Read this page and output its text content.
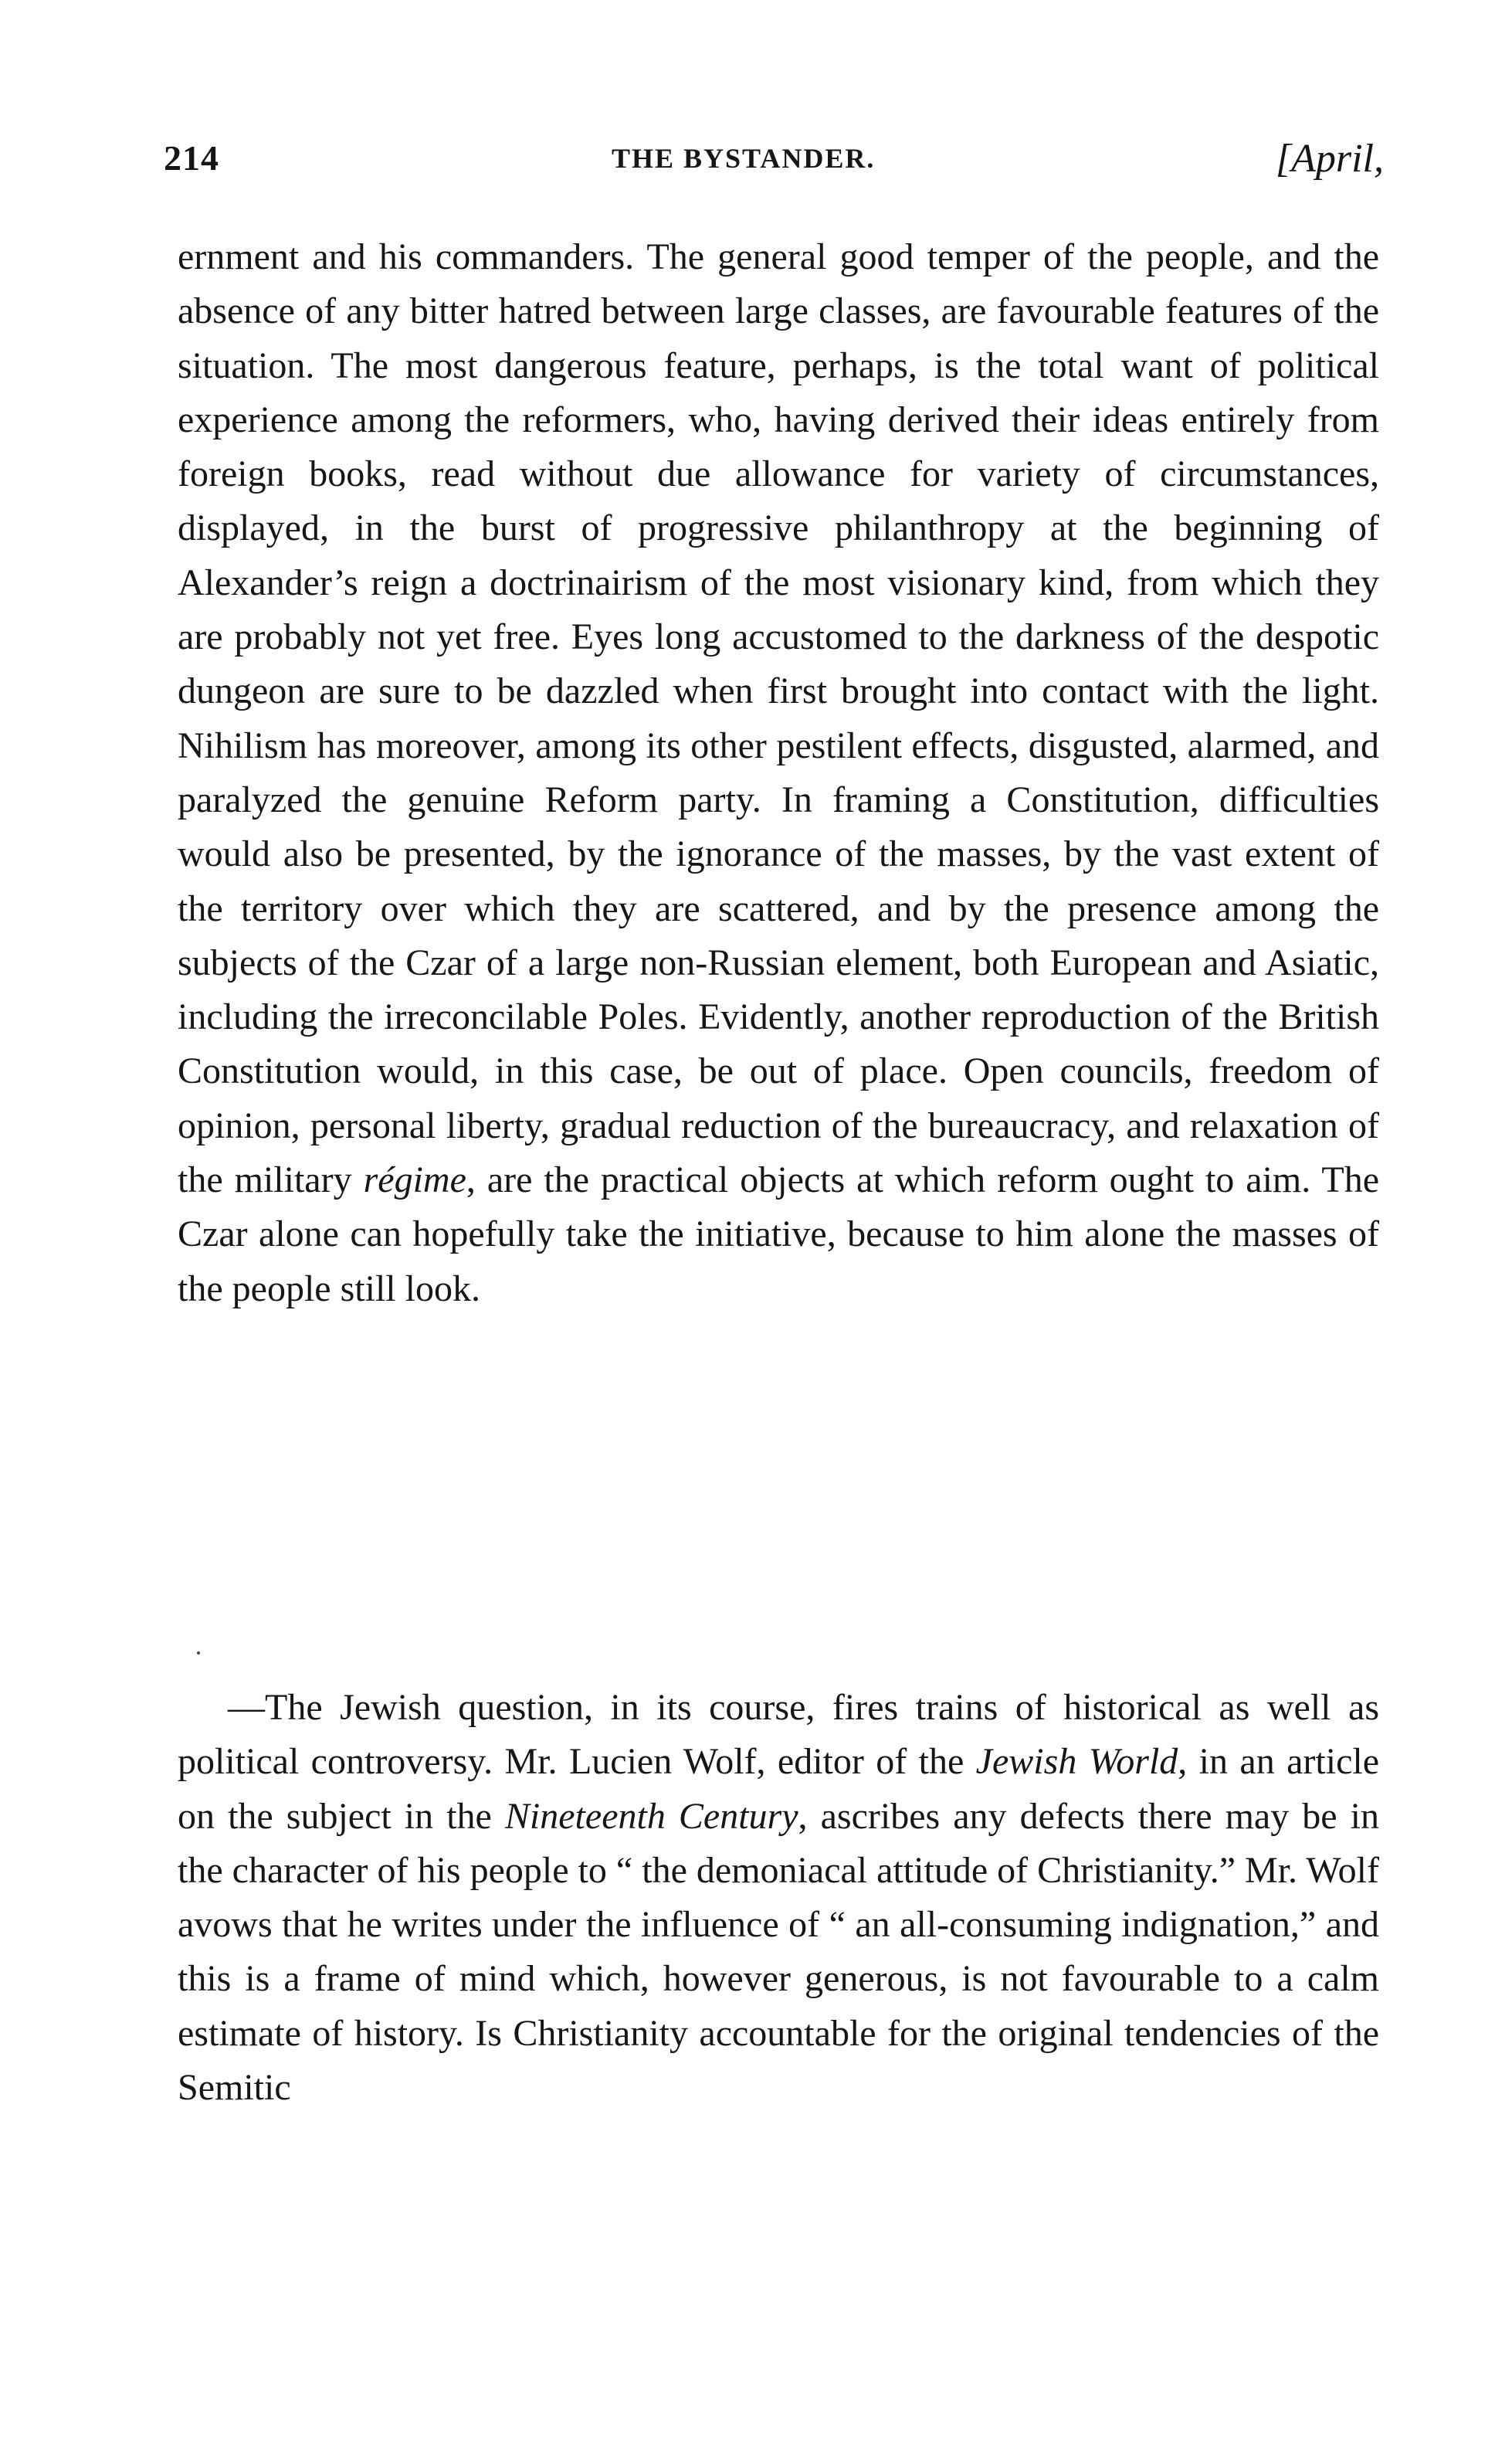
214	THE BYSTANDER.	[April,

ernment and his commanders. The general good temper of the people, and the absence of any bitter hatred between large classes, are favourable features of the situation. The most dangerous feature, perhaps, is the total want of political experience among the reformers, who, having derived their ideas entirely from foreign books, read without due allowance for variety of circumstances, displayed, in the burst of progressive philanthropy at the beginning of Alexander’s reign a doctrinairism of the most visionary kind, from which they are probably not yet free. Eyes long accustomed to the darkness of the despotic dungeon are sure to be dazzled when first brought into contact with the light. Nihilism has moreover, among its other pestilent effects, disgusted, alarmed, and paralyzed the genuine Reform party. In framing a Constitution, difficulties would also be presented, by the ignorance of the masses, by the vast extent of the territory over which they are scattered, and by the presence among the subjects of the Czar of a large non-Russian element, both European and Asiatic, including the irreconcilable Poles. Evidently, another reproduction of the British Constitution would, in this case, be out of place. Open councils, freedom of opinion, personal liberty, gradual reduction of the bureaucracy, and relaxation of the military régime, are the practical objects at which reform ought to aim. The Czar alone can hopefully take the initiative, because to him alone the masses of the people still look.

—The Jewish question, in its course, fires trains of historical as well as political controversy. Mr. Lucien Wolf, editor of the Jewish World, in an article on the subject in the Nineteenth Century, ascribes any defects there may be in the character of his people to “ the demoniacal attitude of Christianity.” Mr. Wolf avows that he writes under the influence of “ an all-consuming indignation,” and this is a frame of mind which, however generous, is not favourable to a calm estimate of history. Is Christianity accountable for the original tendencies of the Semitic
